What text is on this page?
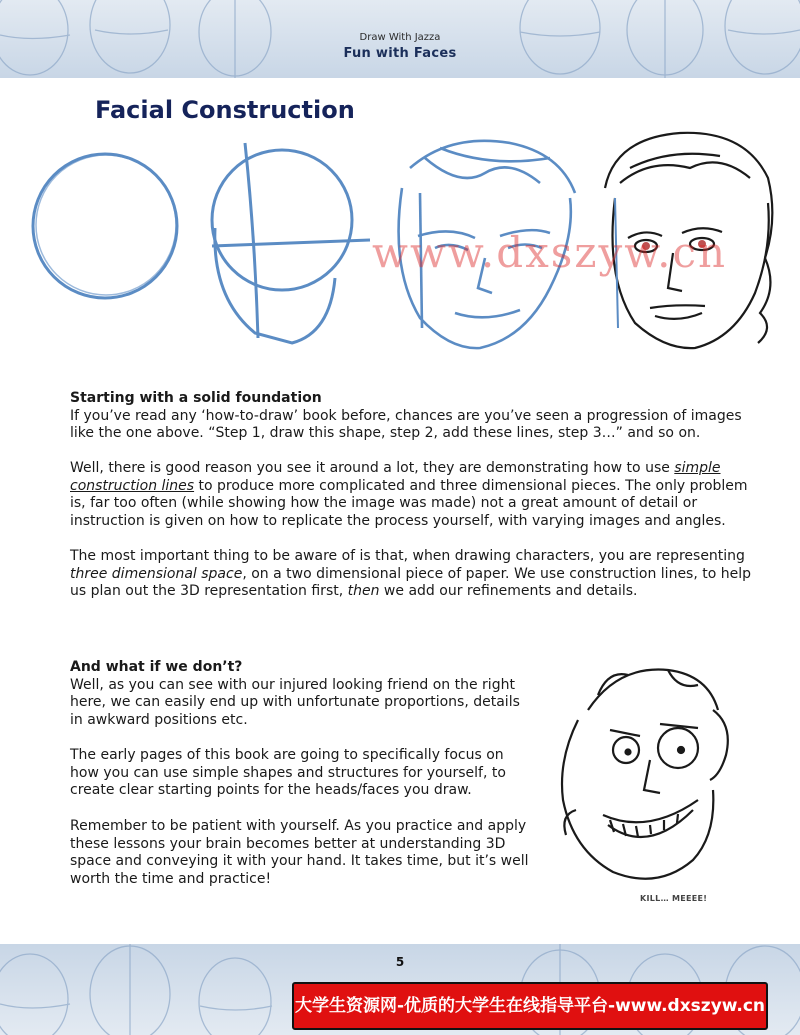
Draw With Jazza
Fun with Faces
Facial Construction
www.dxszyw.cn

Starting with a solid foundation

If you’ve read any ‘how-to-draw’ book before, chances are you’ve seen a progression of images like the one above. “Step 1, draw this shape, step 2, add these lines, step 3…” and so on.

Well, there is good reason you see it around a lot, they are demonstrating how to use simple construction lines to produce more complicated and three dimensional pieces. The only problem is, far too often (while showing how the image was made) not a great amount of detail or instruction is given on how to replicate the process yourself, with varying images and angles.
The most important thing to be aware of is that, when drawing characters, you are representing three dimensional space, on a two dimensional piece of paper. We use construction lines, to help us plan out the 3D representation first, then we add our refinements and details.

And what if we don’t?

Well, as you can see with our injured looking friend on the right here, we can easily end up with unfortunate proportions, details in awkward positions etc.

The early pages of this book are going to specifically focus on how you can use simple shapes and structures for yourself, to create clear starting points for the heads/faces you draw.
Remember to be patient with yourself. As you practice and apply these lessons your brain becomes better at understanding 3D space and conveying it with your hand. It takes time, but it’s well worth the time and practice!
KILL… MEEEE!
5
大学生资源网-优质的大学生在线指导平台-www.dxszyw.cn
